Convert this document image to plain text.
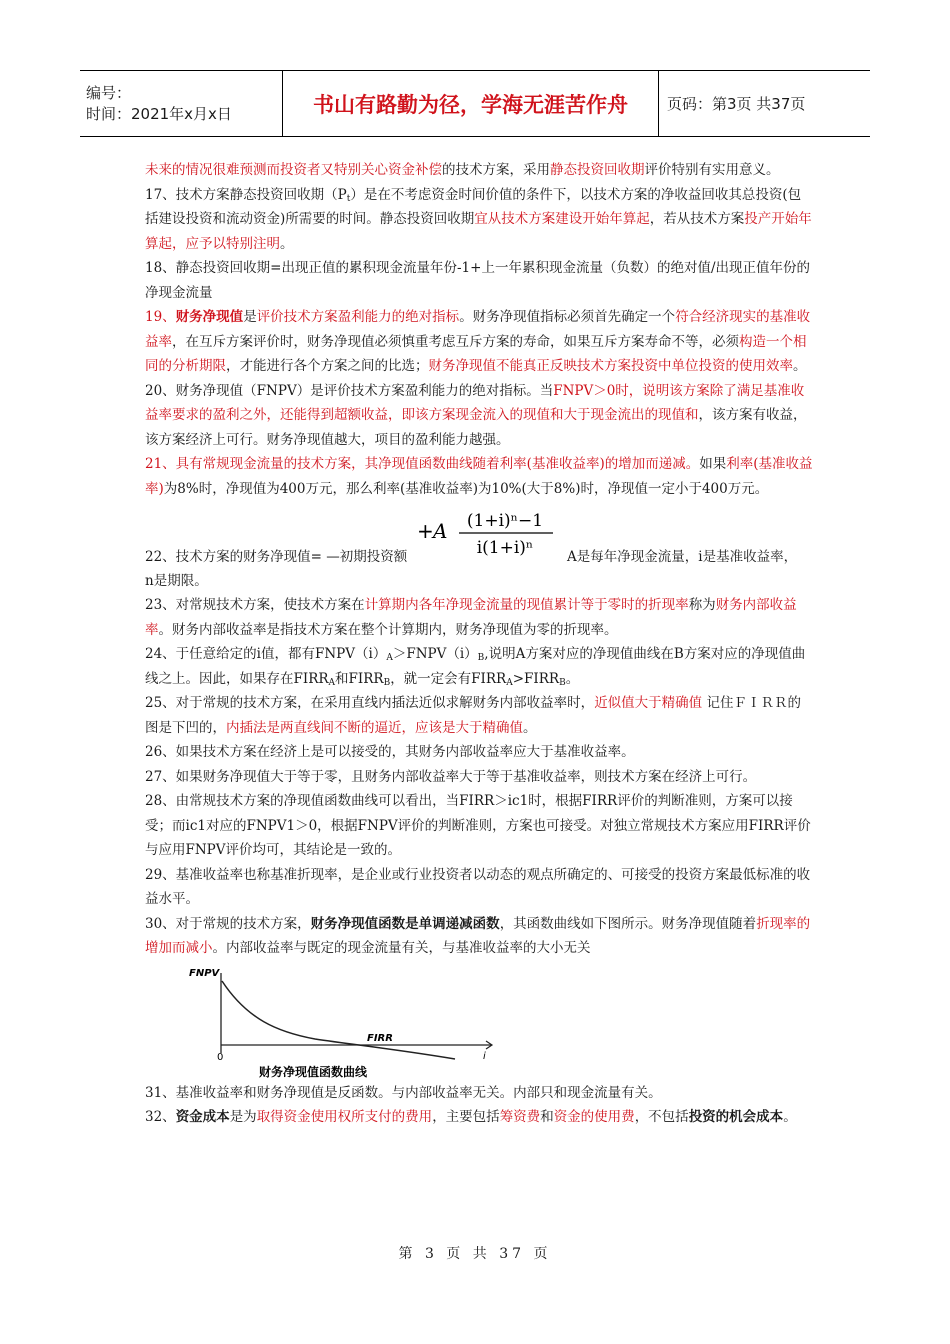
编号：
时间：2021年x月x日	书山有路勤为径，学海无涯苦作舟	页码：第3页 共37页

未来的情况很难预测而投资者又特别关心资金补偿的技术方案，采用静态投资回收期评价特别有实用意义。

17、技术方案静态投资回收期$(P_t)$是在不考虑资金时间价值的条件下，以技术方案的净收益回收其总投资(包括建设投资和流动资金)所需要的时间。静态投资回收期宜从技术方案建设开始年算起，若从技术方案投产开始年算起，应予以特别注明。

18、静态投资回收期=出现正值的累积现金流量年份-1+上一年累积现金流量（负数）的绝对值/出现正值年份的净现金流量

19、财务净现值是评价技术方案盈利能力的绝对指标。财务净现值指标必须首先确定一个符合经济现实的基准收益率，在互斥方案评价时，财务净现值必须慎重考虑互斥方案的寿命，如果互斥方案寿命不等，必须构造一个相同的分析期限，才能进行各个方案之间的比选；财务净现值不能真正反映技术方案投资中单位投资的使用效率。

20、财务净现值（FNPV）是评价技术方案盈利能力的绝对指标。当FNPV＞0时，说明该方案除了满足基准收益率要求的盈利之外，还能得到超额收益，即该方案现金流入的现值和大于现金流出的现值和，该方案有收益，该方案经济上可行。财务净现值越大，项目的盈利能力越强。

21、具有常规现金流量的技术方案，其净现值函数曲线随着利率(基准收益率)的增加而递减。如果利率(基准收益率)为8%时，净现值为400万元，那么利率(基准收益率)为10%(大于8%)时，净现值一定小于400万元。

+ A (1+i)ⁿ−1
i(1+i)ⁿ
22、技术方案的财务净现值= —初期投资额	A是每年净现金流量，i是基准收益率，
n是期限。

23、对常规技术方案，使技术方案在计算期内各年净现金流量的现值累计等于零时的折现率称为财务内部收益率。财务内部收益率是指技术方案在整个计算期内，财务净现值为零的折现率。

24、于任意给定的i值，都有$FNPV(i)_A>FNPV(i)_B$,说明A方案对应的净现值曲线在B方案对应的净现值曲线之上。因此，如果存在$FIRR_A$和$FIRR_B$，就一定会有$FIRR_A>FIRR_B$。

25、对于常规的技术方案，在采用直线内插法近似求解财务内部收益率时，近似值大于精确值 记住ＦＩＲＲ的图是下凹的，内插法是两直线间不断的逼近，应该是大于精确值。

26、如果技术方案在经济上是可以接受的，其财务内部收益率应大于基准收益率。

27、如果财务净现值大于等于零，且财务内部收益率大于等于基准收益率，则技术方案在经济上可行。

28、由常规技术方案的净现值函数曲线可以看出，当FIRR＞ic1时，根据FIRR评价的判断准则，方案可以接受；而ic1对应的FNPV1＞0，根据FNPV评价的判断准则，方案也可接受。对独立常规技术方案应用FIRR评价与应用FNPV评价均可，其结论是一致的。

29、基准收益率也称基准折现率，是企业或行业投资者以动态的观点所确定的、可接受的投资方案最低标准的收益水平。

30、对于常规的技术方案，财务净现值函数是单调递减函数，其函数曲线如下图所示。财务净现值随着折现率的增加而减小。内部收益率与既定的现金流量有关，与基准收益率的大小无关

FNPV
0
FIRR
i
财务净现值函数曲线

31、基准收益率和财务净现值是反函数。与内部收益率无关。内部只和现金流量有关。

32、资金成本是为取得资金使用权所支付的费用，主要包括筹资费和资金的使用费，不包括投资的机会成本。

第 3 页 共 37 页
